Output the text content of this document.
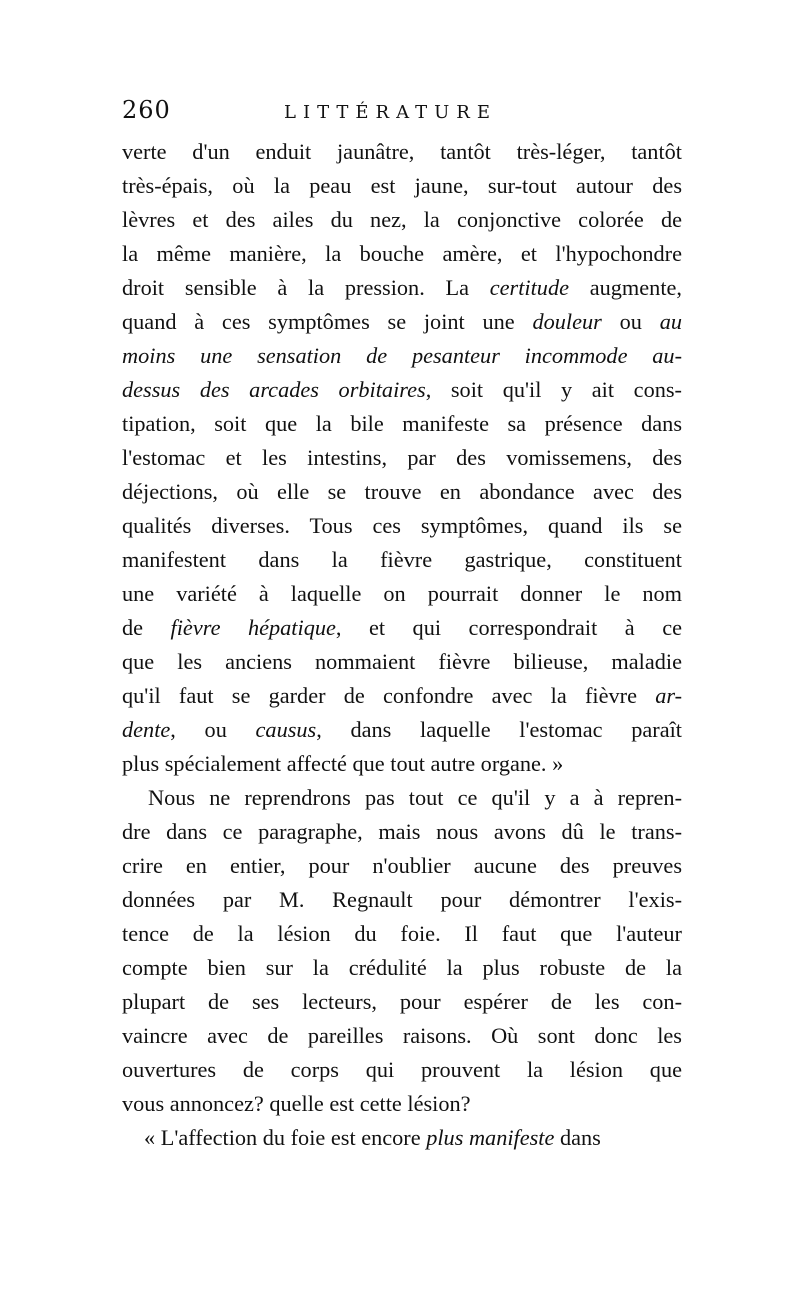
260	LITTÉRATURE
verte d'un enduit jaunâtre, tantôt très-léger, tantôt
très-épais, où la peau est jaune, sur-tout autour des
lèvres et des ailes du nez, la conjonctive colorée de
la même manière, la bouche amère, et l'hypochondre
droit sensible à la pression. La certitude augmente,
quand à ces symptômes se joint une douleur ou au
moins une sensation de pesanteur incommode au-
dessus des arcades orbitaires, soit qu'il y ait cons-
tipation, soit que la bile manifeste sa présence dans
l'estomac et les intestins, par des vomissemens, des
déjections, où elle se trouve en abondance avec des
qualités diverses. Tous ces symptômes, quand ils se
manifestent dans la fièvre gastrique, constituent
une variété à laquelle on pourrait donner le nom
de fièvre hépatique, et qui correspondrait à ce
que les anciens nommaient fièvre bilieuse, maladie
qu'il faut se garder de confondre avec la fièvre ar-
dente, ou causus, dans laquelle l'estomac paraît
plus spécialement affecté que tout autre organe. »
Nous ne reprendrons pas tout ce qu'il y a à repren-
dre dans ce paragraphe, mais nous avons dû le trans-
crire en entier, pour n'oublier aucune des preuves
données par M. Regnault pour démontrer l'exis-
tence de la lésion du foie. Il faut que l'auteur
compte bien sur la crédulité la plus robuste de la
plupart de ses lecteurs, pour espérer de les con-
vaincre avec de pareilles raisons. Où sont donc les
ouvertures de corps qui prouvent la lésion que
vous annoncez? quelle est cette lésion?
« L'affection du foie est encore plus manifeste dans
